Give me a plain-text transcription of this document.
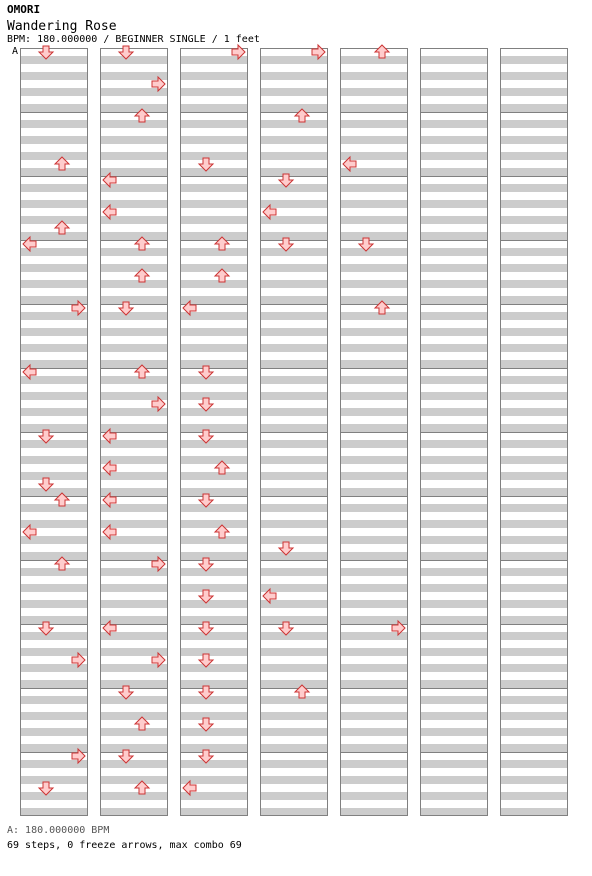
OMORI
Wandering Rose
BPM: 180.000000 / BEGINNER SINGLE / 1 feet
A
A: 180.000000 BPM
69 steps, 0 freeze arrows, max combo 69
